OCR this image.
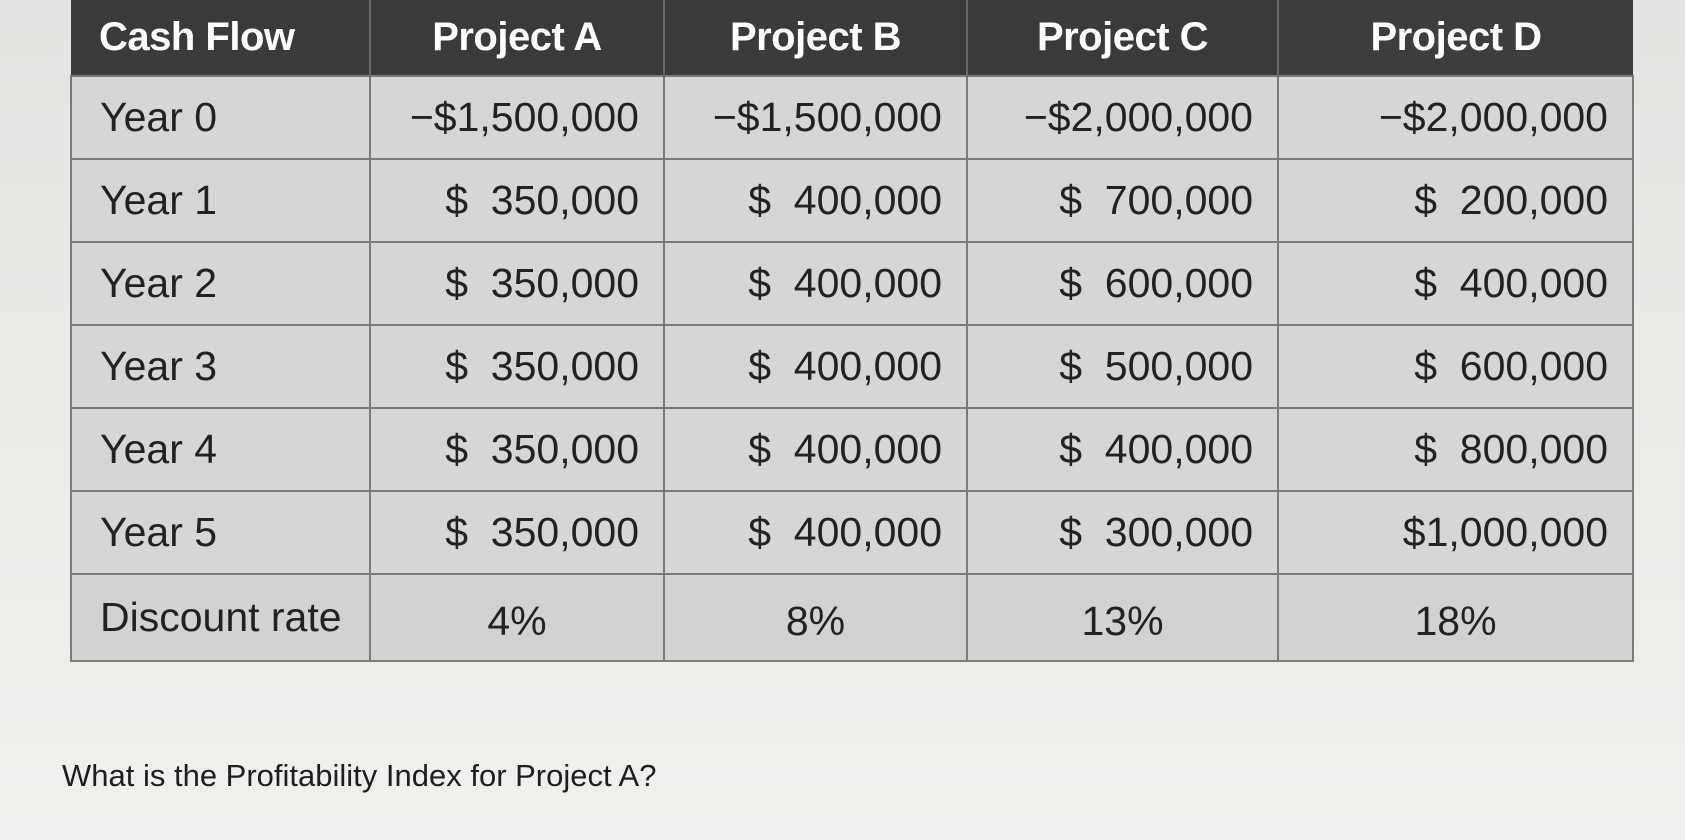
Cash Flow	Project A	Project B	Project C	Project D
Year 0	−$1,500,000	−$1,500,000	−$2,000,000	−$2,000,000
Year 1	$  350,000	$  400,000	$  700,000	$  200,000
Year 2	$  350,000	$  400,000	$  600,000	$  400,000
Year 3	$  350,000	$  400,000	$  500,000	$  600,000
Year 4	$  350,000	$  400,000	$  400,000	$  800,000
Year 5	$  350,000	$  400,000	$  300,000	$1,000,000
Discount rate	4%	8%	13%	18%
What is the Profitability Index for Project A?
